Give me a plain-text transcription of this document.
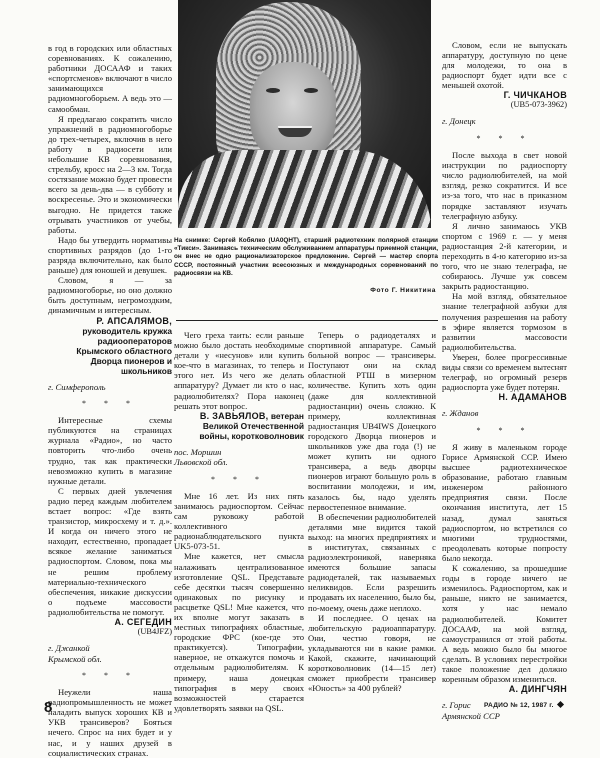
в год в городских или областных соревнованиях. К сожалению, работники ДОСААФ и таких «спортсменов» включают в число занимающихся радиомногоборьем. А ведь это — самообман.

Я предлагаю сократить число упражнений в радиомногоборье до трех-четырех, включив в него работу в радиосети или небольшие КВ соревнования, стрельбу, кросс на 2—3 км. Тогда состязание можно будет провести всего за день-два — в субботу и воскресенье. Это и экономически выгодно. Не придется также отрывать участников от учебы, работы.

Надо бы утвердить нормативы спортивных разрядов (до 1-го разряда включительно, как было раньше) для юношей и девушек.

Словом, я — за радиомногоборье, но оно должно быть доступным, негромоздким, динамичным и интересным.

Р. АПСАЛЯМОВ,
руководитель кружка
радиооператоров
Крымского областного
Дворца пионеров и
школьников
г. Симферополь
* * *

Интересные схемы публикуются на страницах журнала «Радио», но часто повторить что-либо очень трудно, так как практически невозможно купить в магазине нужные детали.

С первых дней увлечения радио перед каждым любителем встает вопрос: «Где взять транзистор, микросхему и т. д.». И когда он ничего этого не находит, естественно, пропадает всякое желание заниматься радиоспортом. Словом, пока мы не решим проблему материально-технического обеспечения, никакие дискуссии о подъеме массовости радиолюбительства не помогут.

А. СЕГЕДИН
(UB4JFZ)
г. Джанкой
Крымской обл.
* * *

Неужели наша радиопромышленность не может наладить выпуск хороших КВ и УКВ трансиверов? Бояться нечего. Спрос на них будет и у нас, и у наших друзей в социалистических странах.

На снимке: Сергей Кобялко (UA0QHT), старший радиотехник полярной станции «Тикси». Занимаясь техническим обслуживанием аппаратуры приемной станции, он внес не одно рационализаторское предложение. Сергей — мастер спорта СССР, постоянный участник всесоюзных и международных соревнований по радиосвязи на КВ.
Фото Г. Никитина

Чего греха таить: если раньше можно было достать необходимые детали у «несунов» или купить кое-что в магазинах, то теперь и этого нет. Из чего же делать аппаратуру? Думает ли кто о нас, радиолюбителях? Пора наконец решать этот вопрос.

В. ЗАВЬЯЛОВ, ветеран
Великой Отечественной
войны, коротковолновик
пос. Моршин
Львовской обл.
* * *

Мне 16 лет. Из них пять занимаюсь радиоспортом. Сейчас сам руковожу работой коллективного радионаблюдательского пункта UK5-073-51.

Мне кажется, нет смысла налаживать централизованное изготовление QSL. Представьте себе десятки тысяч совершенно одинаковых по рисунку и расцветке QSL! Мне кажется, что их вполне могут заказать в местных типографиях областные, городские ФРС (кое-где это практикуется). Типографии, наверное, не откажутся помочь и отдельным радиолюбителям. К примеру, наша донецкая типография в меру своих возможностей старается удовлетворять заявки на QSL.

Теперь о радиодеталях и спортивной аппаратуре. Самый больной вопрос — трансиверы. Поступают они на склад областной РТШ в мизерном количестве. Купить хоть один (даже для коллективной радиостанции) очень сложно. К примеру, коллективная радиостанция UB4IWS Донецкого городского Дворца пионеров и школьников уже два года (!) не может купить ни одного трансивера, а ведь дворцы пионеров играют большую роль в воспитании молодежи, и им, казалось бы, надо уделять первостепенное внимание.

В обеспечении радиолюбителей деталями мне видится такой выход: на многих предприятиях и в институтах, связанных с радиоэлектроникой, наверняка имеются большие запасы радиодеталей, так называемых неликвидов. Если разрешить продавать их населению, было бы, по-моему, очень даже неплохо.

И последнее. О ценах на любительскую радиоаппаратуру. Они, честно говоря, не укладываются ни в какие рамки. Какой, скажите, начинающий коротковолновик (14—15 лет) сможет приобрести трансивер «Юность» за 400 рублей?

Словом, если не выпускать аппаратуру, доступную по цене для молодежи, то она в радиоспорт будет идти все с меньшей охотой.

Г. ЧИЧКАНОВ
(UB5-073-3962)
г. Донецк
* * *

После выхода в свет новой инструкции по радиоспорту число радиолюбителей, на мой взгляд, резко сократится. И все из-за того, что нас в приказном порядке заставляют изучать телеграфную азбуку.

Я лично занимаюсь УКВ спортом с 1969 г. — у меня радиостанция 2-й категории, и переходить в 4-ю категорию из-за того, что не знаю телеграфа, не собираюсь. Лучше уж совсем закрыть радиостанцию.

На мой взгляд, обязательное знание телеграфной азбуки для получения разрешения на работу в эфире является тормозом в развитии массовости радиолюбительства.

Уверен, более прогрессивные виды связи со временем вытеснят телеграф, но огромный резерв радиоспорта уже будет потерян.

Н. АДАМАНОВ
г. Жданов
* * *

Я живу в маленьком городе Горисе Армянской ССР. Имею высшее радиотехническое образование, работаю главным инженером районного предприятия связи. После окончания института, лет 15 назад, думал заняться радиоспортом, но встретился со многими трудностями, преодолевать которые попросту было некогда.

К сожалению, за прошедшие годы в городе ничего не изменилось. Радиоспортом, как и раньше, никто не занимается, хотя у нас немало радиолюбителей. Комитет ДОСААФ, на мой взгляд, самоустранился от этой работы. А ведь можно было бы многое сделать. В условиях перестройки такое положение дел должно коренным образом измениться.

А. ДИНГЧЯН
г. Горис
Армянской ССР
8	РАДИО № 12, 1987 г.
